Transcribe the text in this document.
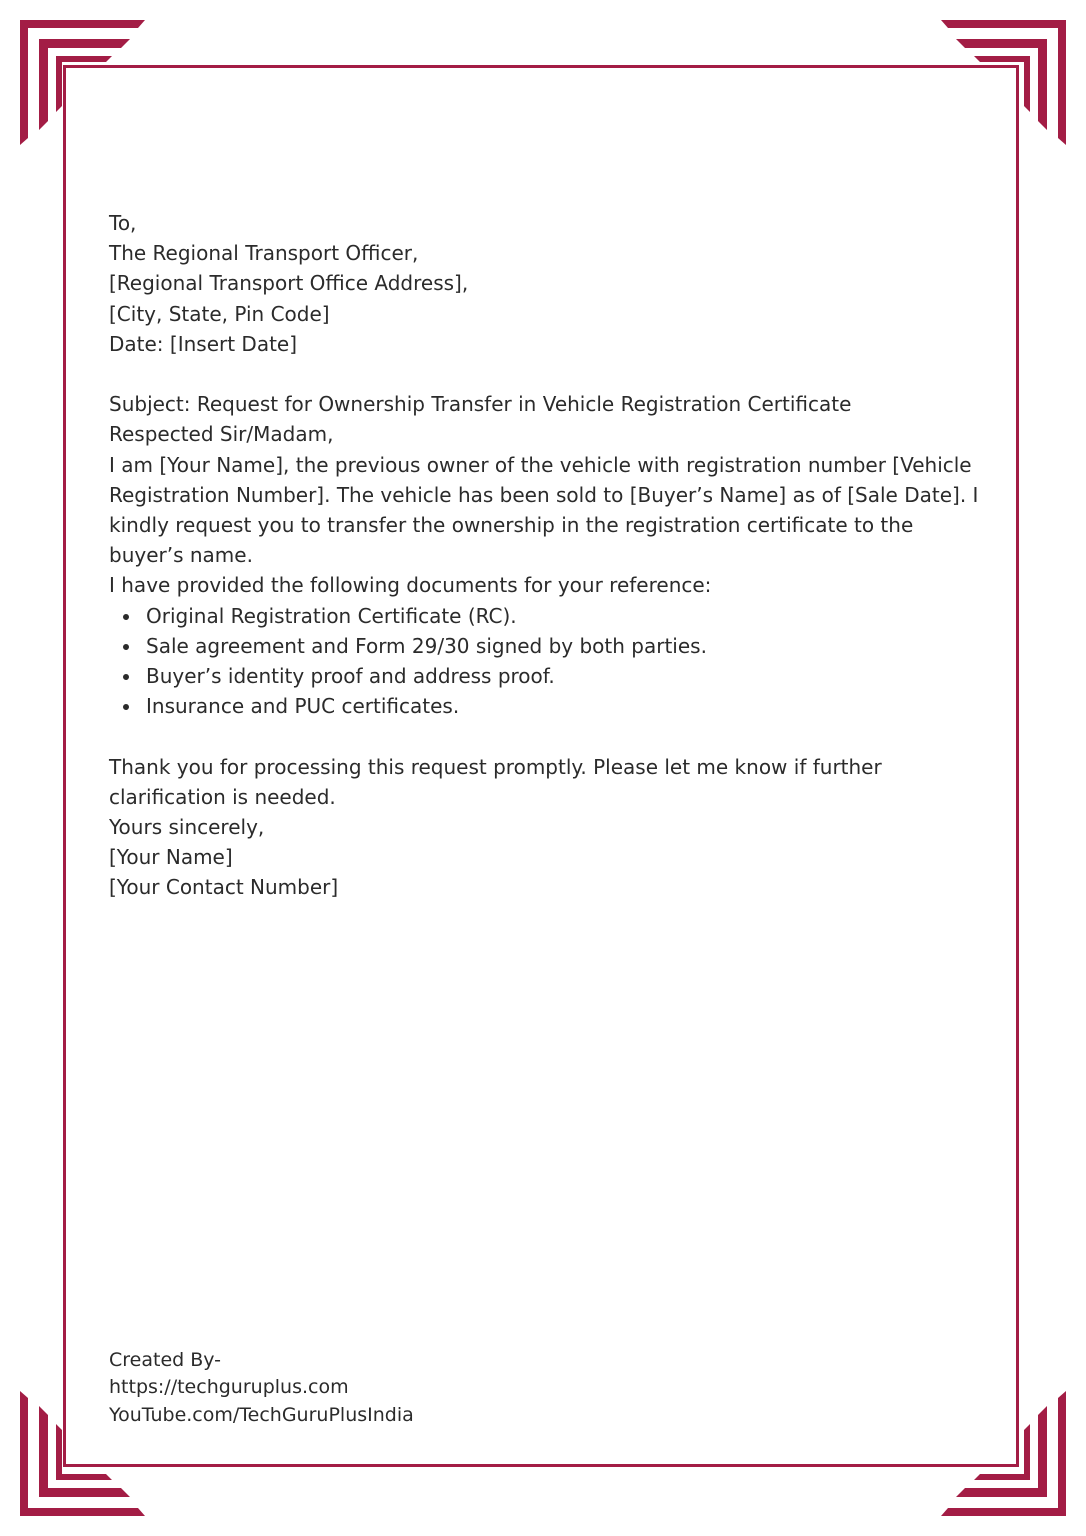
To,

The Regional Transport Officer,

[Regional Transport Office Address],

[City, State, Pin Code]

Date: [Insert Date]

Subject: Request for Ownership Transfer in Vehicle Registration Certificate

Respected Sir/Madam,

I am [Your Name], the previous owner of the vehicle with registration number [Vehicle Registration Number]. The vehicle has been sold to [Buyer’s Name] as of [Sale Date]. I kindly request you to transfer the ownership in the registration certificate to the buyer’s name.

I have provided the following documents for your reference:

Original Registration Certificate (RC).
Sale agreement and Form 29/30 signed by both parties.
Buyer’s identity proof and address proof.
Insurance and PUC certificates.

Thank you for processing this request promptly. Please let me know if further clarification is needed.

Yours sincerely,

[Your Name]

[Your Contact Number]

Created By-

https://techguruplus.com

YouTube.com/TechGuruPlusIndia
